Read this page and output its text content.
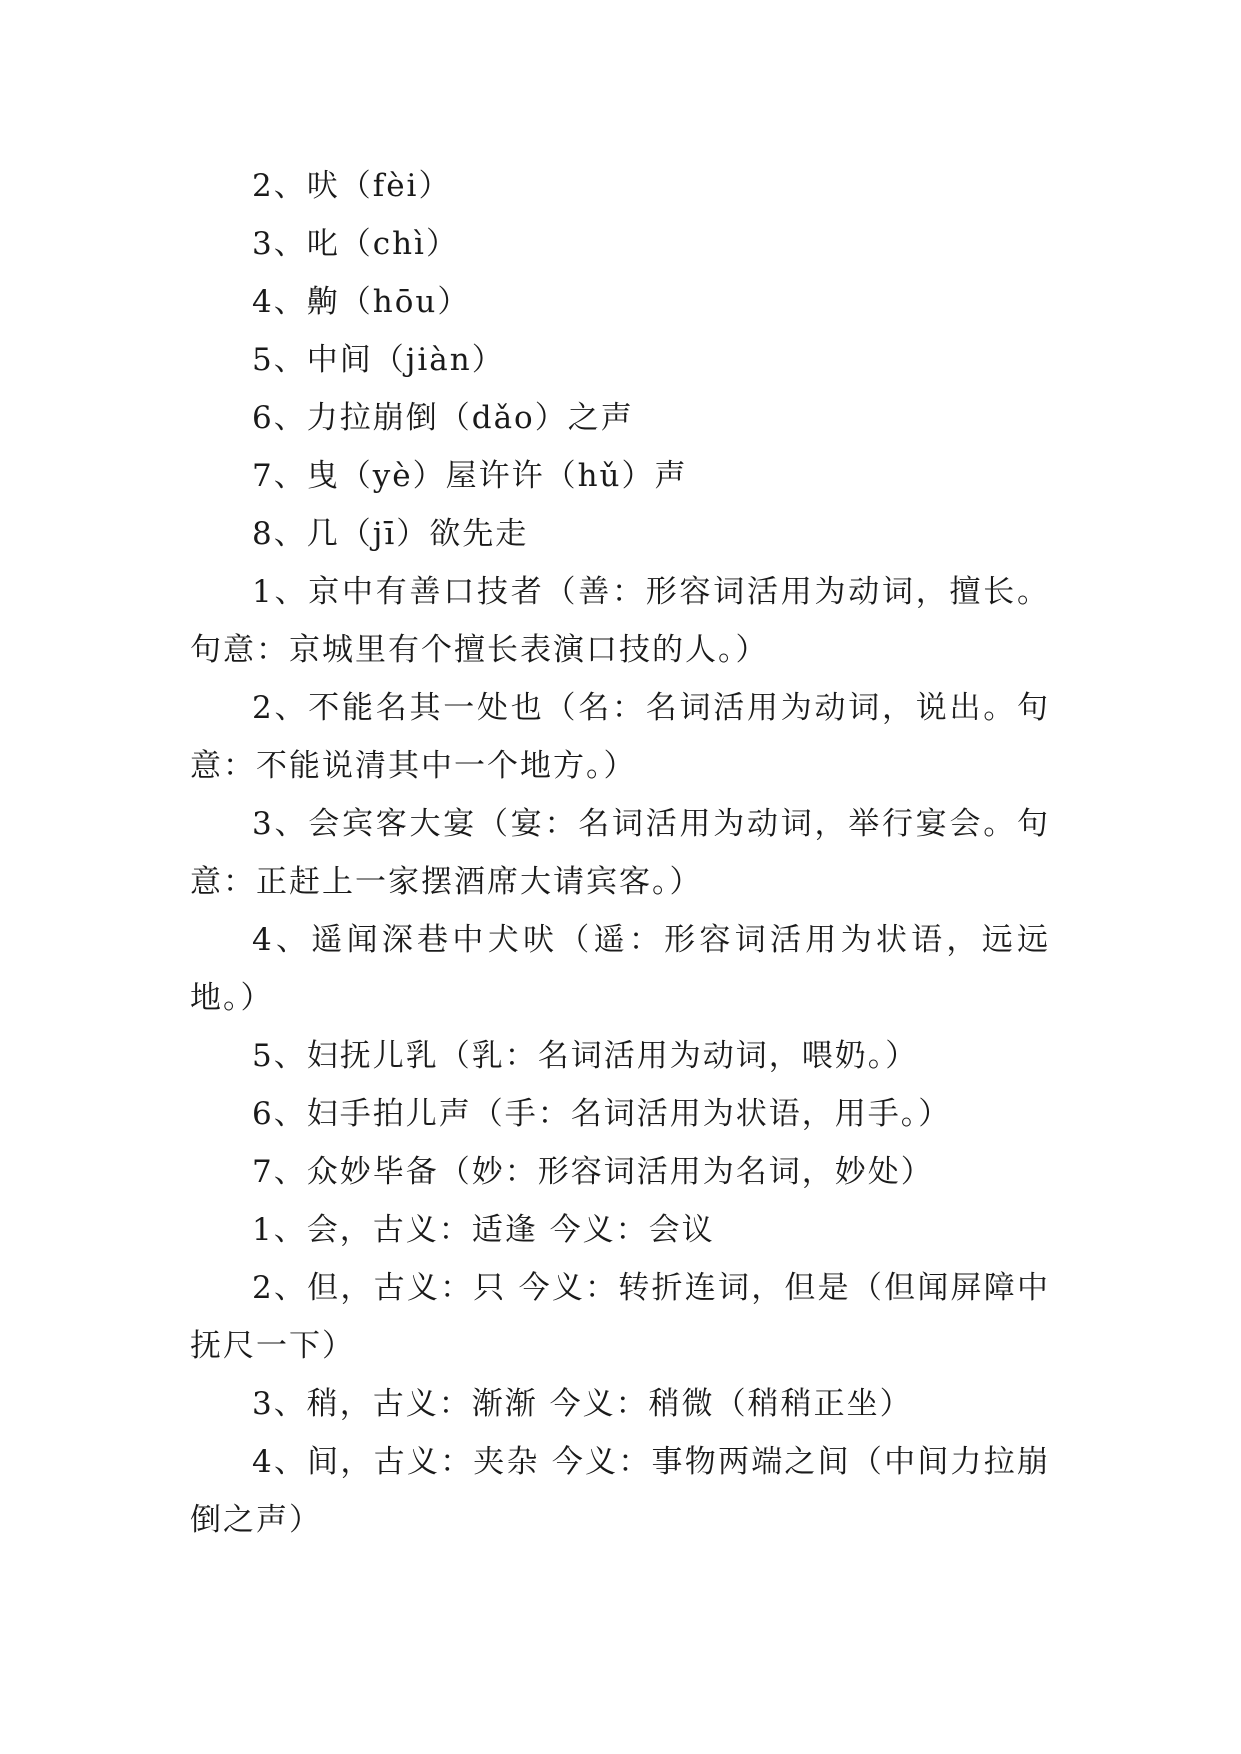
2、吠（fèi）

3、叱（chì）

4、齁（hōu）

5、中间（jiàn）

6、力拉崩倒（dǎo）之声

7、曳（yè）屋许许（hǔ）声

8、几（jī）欲先走

1、京中有善口技者（善：形容词活用为动词，擅长。句意：京城里有个擅长表演口技的人。）

2、不能名其一处也（名：名词活用为动词，说出。句意：不能说清其中一个地方。）

3、会宾客大宴（宴：名词活用为动词，举行宴会。句意：正赶上一家摆酒席大请宾客。）

4、遥闻深巷中犬吠（遥：形容词活用为状语，远远地。）

5、妇抚儿乳（乳：名词活用为动词，喂奶。）

6、妇手拍儿声（手：名词活用为状语，用手。）

7、众妙毕备（妙：形容词活用为名词，妙处）

1、会，古义：适逢 今义：会议

2、但，古义：只 今义：转折连词，但是（但闻屏障中抚尺一下）

3、稍，古义：渐渐 今义：稍微（稍稍正坐）

4、间，古义：夹杂 今义：事物两端之间（中间力拉崩倒之声）
